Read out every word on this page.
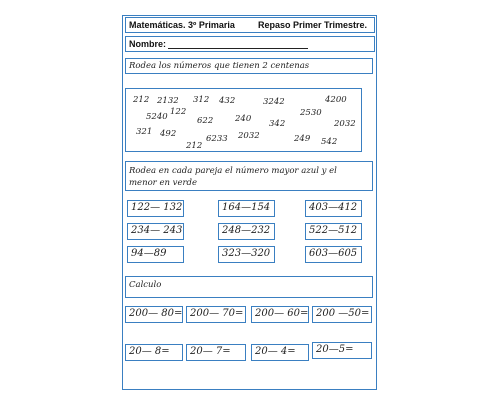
Matemáticas. 3º Primaria	Repaso Primer Trimestre.
Nombre:
Rodea los números que tienen 2 centenas
212 2132 312 432	3242	4200
5240 122
622	240 342
2530
2032
321 492	6233 2032	249 542
212
Rodea en cada pareja el número mayor azul y el menor en verde
122— 132	164—154	403—412
234— 243	248—232	522—512
94—89	323—320	603—605
Calculo
200— 80= 200— 70=	200— 60= 200 —50=
20— 8=	20— 7=	20— 4=	20—5=
